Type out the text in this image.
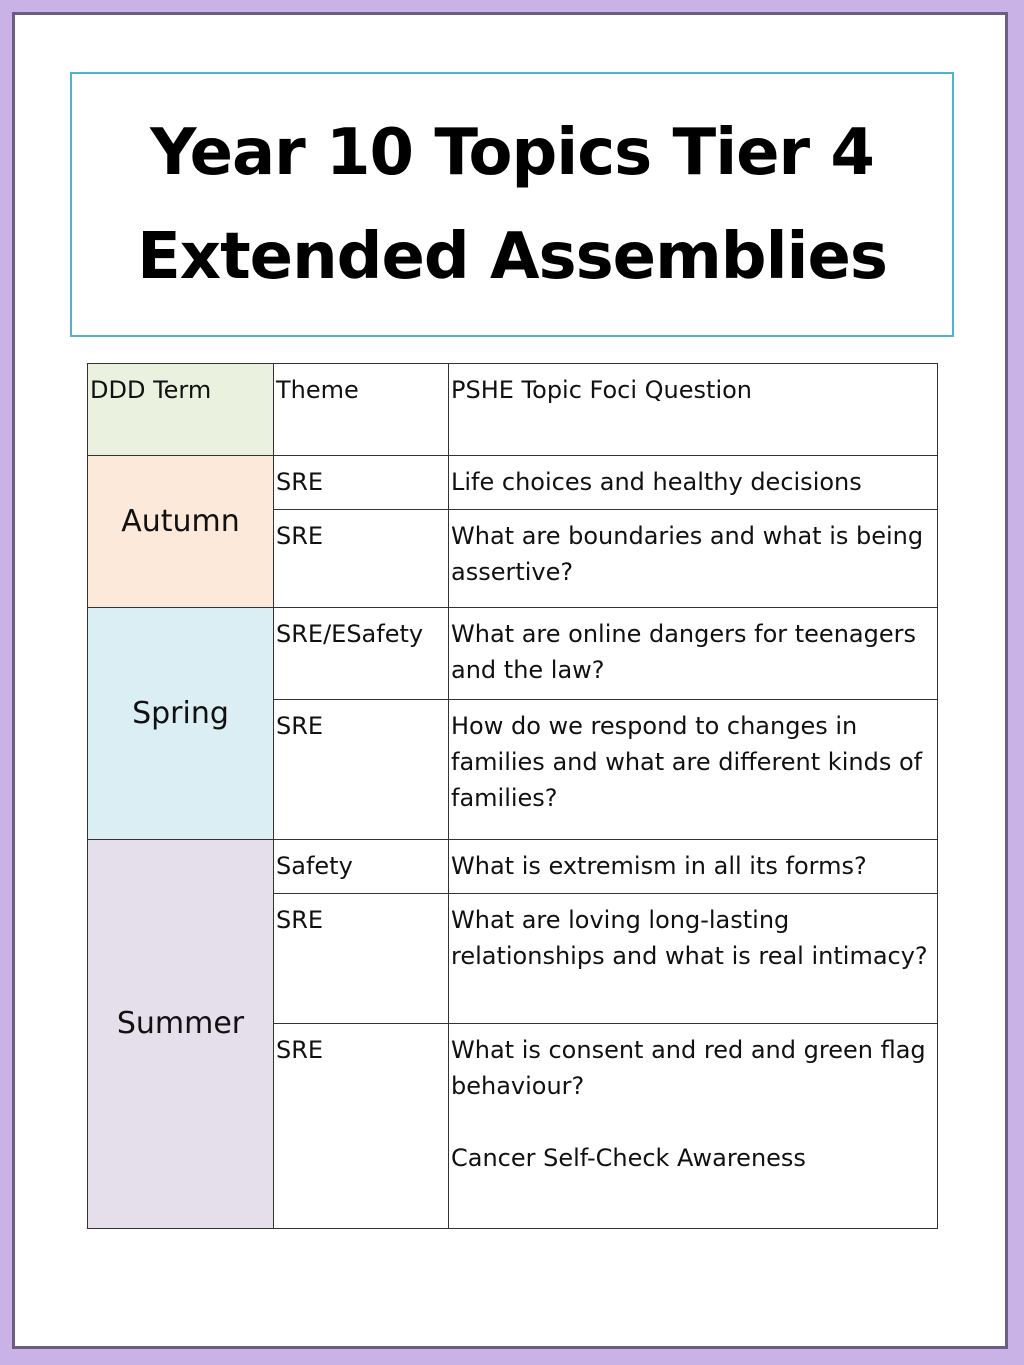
Year 10 Topics Tier 4
Extended Assemblies
DDD Term	Theme	PSHE Topic Foci Question
Autumn	SRE	Life choices and healthy decisions
	SRE	What are boundaries and what is being assertive?
Spring	SRE/ESafety	What are online dangers for teenagers and the law?
	SRE	How do we respond to changes in families and what are different kinds of families?
Summer	Safety	What is extremism in all its forms?
	SRE	What are loving long-lasting relationships and what is real intimacy?
	SRE	What is consent and red and green flag behaviour?
Cancer Self-Check Awareness
